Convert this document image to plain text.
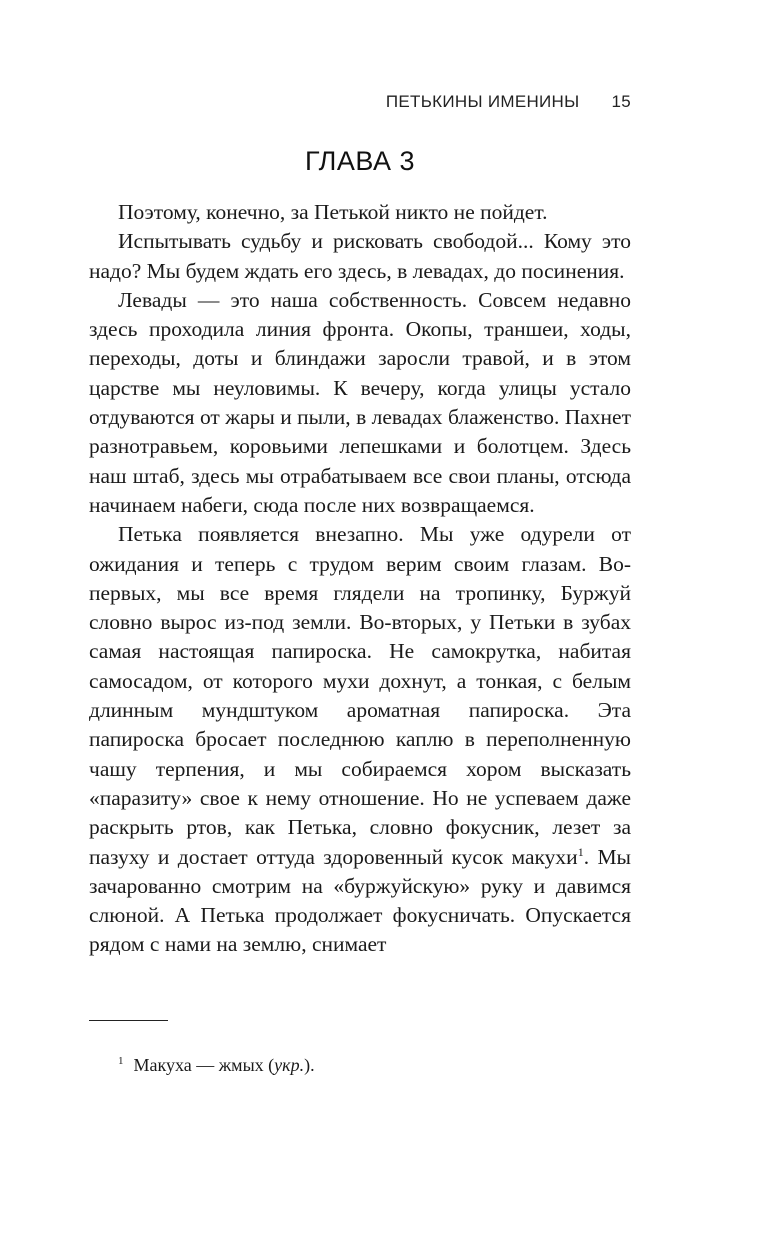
ПЕТЬКИНЫ ИМЕНИНЫ 15
ГЛАВА 3

Поэтому, конечно, за Петькой никто не пойдет.

Испытывать судьбу и рисковать свободой... Кому это надо? Мы будем ждать его здесь, в левадах, до посинения.

Левады — это наша собственность. Совсем недавно здесь проходила линия фронта. Окопы, траншеи, ходы, переходы, доты и блиндажи заросли травой, и в этом царстве мы неуловимы. К вечеру, когда улицы устало отдуваются от жары и пыли, в левадах блаженство. Пахнет разнотравьем, коровьими лепешками и болотцем. Здесь наш штаб, здесь мы отрабатываем все свои планы, отсюда начинаем набеги, сюда после них возвращаемся.

Петька появляется внезапно. Мы уже одурели от ожидания и теперь с трудом верим своим глазам. Во-первых, мы все время глядели на тропинку, Буржуй словно вырос из-под земли. Во-вторых, у Петьки в зубах самая настоящая папироска. Не самокрутка, набитая самосадом, от которого мухи дохнут, а тонкая, с белым длинным мундштуком ароматная папироска. Эта папироска бросает последнюю каплю в переполненную чашу терпения, и мы собираемся хором высказать «паразиту» свое к нему отношение. Но не успеваем даже раскрыть ртов, как Петька, словно фокусник, лезет за пазуху и достает оттуда здоровенный кусок макухи$^1$. Мы зачарованно смотрим на «буржуйскую» руку и давимся слюной. А Петька продолжает фокусничать. Опускается рядом с нами на землю, снимает

$^1$ Макуха — жмых (укр.).
